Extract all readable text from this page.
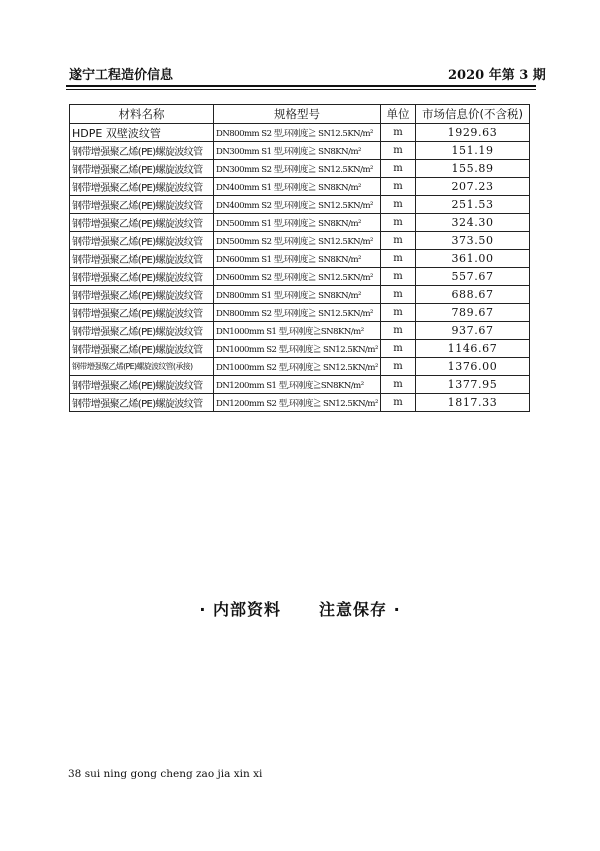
遂宁工程造价信息	2020 年第 3 期
材料名称	规格型号	单位	市场信息价(不含税)
HDPE 双壁波纹管	DN800mm S2 型,环刚度≧ SN12.5KN/m²	m	1929.63
钢带增强聚乙烯(PE)螺旋波纹管	DN300mm S1 型,环刚度≧ SN8KN/m²	m	151.19
钢带增强聚乙烯(PE)螺旋波纹管	DN300mm S2 型,环刚度≧ SN12.5KN/m²	m	155.89
钢带增强聚乙烯(PE)螺旋波纹管	DN400mm S1 型,环刚度≧ SN8KN/m²	m	207.23
钢带增强聚乙烯(PE)螺旋波纹管	DN400mm S2 型,环刚度≧ SN12.5KN/m²	m	251.53
钢带增强聚乙烯(PE)螺旋波纹管	DN500mm S1 型,环刚度≧ SN8KN/m²	m	324.30
钢带增强聚乙烯(PE)螺旋波纹管	DN500mm S2 型,环刚度≧ SN12.5KN/m²	m	373.50
钢带增强聚乙烯(PE)螺旋波纹管	DN600mm S1 型,环刚度≧ SN8KN/m²	m	361.00
钢带增强聚乙烯(PE)螺旋波纹管	DN600mm S2 型,环刚度≧ SN12.5KN/m²	m	557.67
钢带增强聚乙烯(PE)螺旋波纹管	DN800mm S1 型,环刚度≧ SN8KN/m²	m	688.67
钢带增强聚乙烯(PE)螺旋波纹管	DN800mm S2 型,环刚度≧ SN12.5KN/m²	m	789.67
钢带增强聚乙烯(PE)螺旋波纹管	DN1000mm S1 型,环刚度≧SN8KN/m²	m	937.67
钢带增强聚乙烯(PE)螺旋波纹管	DN1000mm S2 型,环刚度≧ SN12.5KN/m²	m	1146.67
钢带增强聚乙烯(PE)螺旋波纹管(承接)	DN1000mm S2 型,环刚度≧ SN12.5KN/m²	m	1376.00
钢带增强聚乙烯(PE)螺旋波纹管	DN1200mm S1 型,环刚度≧SN8KN/m²	m	1377.95
钢带增强聚乙烯(PE)螺旋波纹管	DN1200mm S2 型,环刚度≧ SN12.5KN/m²	m	1817.33
· 内部资料 注意保存 ·
38 sui ning gong cheng zao jia xin xi
